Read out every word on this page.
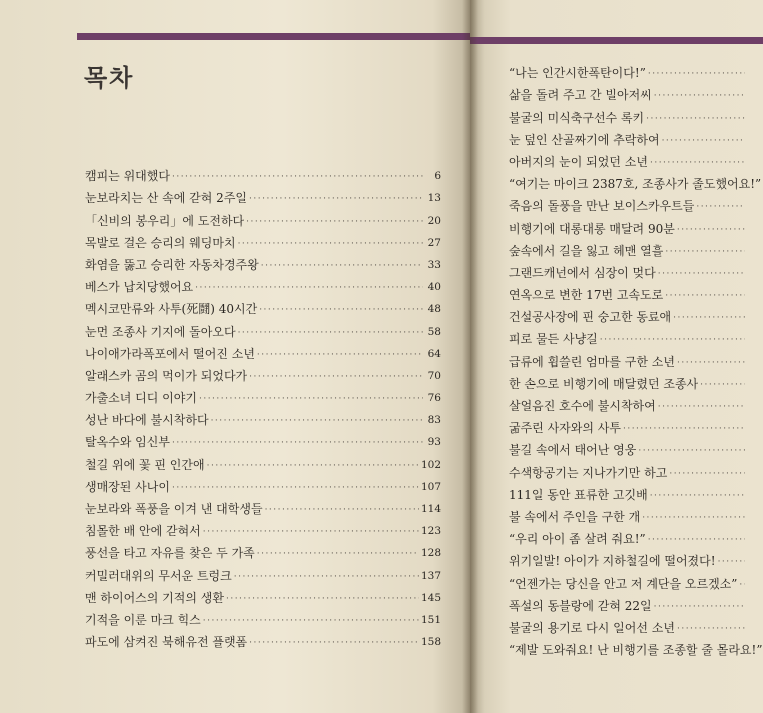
목차
캠피는 위대했다 ·····	6
눈보라치는 산 속에 갇혀 2주일 ·····	13
「신비의 봉우리」에 도전하다 ·····	20
목발로 걸은 승리의 웨딩마치 ·····	27
화염을 뚫고 승리한 자동차경주왕 ·····	33
베스가 납치당했어요 ·····	40
멕시코만류와 사투(死鬪) 40시간 ·····	48
눈먼 조종사 기지에 돌아오다 ·····	58
나이애가라폭포에서 떨어진 소년 ·····	64
알래스카 곰의 먹이가 되었다가 ·····	70
가출소녀 디디 이야기 ·····	76
성난 바다에 불시착하다 ·····	83
탈옥수와 임신부 ·····	93
철길 위에 꽃 핀 인간애 ·····	102
생매장된 사나이 ·····	107
눈보라와 폭풍을 이겨 낸 대학생들 ·····	114
침몰한 배 안에 갇혀서 ·····	123
풍선을 타고 자유를 찾은 두 가족 ·····	128
커밀러대위의 무서운 트렁크 ·····	137
맨 하이어스의 기적의 생환 ·····	145
기적을 이룬 마크 힉스 ·····	151
파도에 삼켜진 북해유전 플랫폼 ·····	158
“나는 인간시한폭탄이다!”
·····
삶을 돌려 주고 간 빌아저씨
·····
불굴의 미식축구선수 록키
·····
눈 덮인 산골짜기에 추락하여
·····
아버지의 눈이 되었던 소년
·····
“여기는 마이크 2387호, 조종사가 졸도했어요!”
죽음의 돌풍을 만난 보이스카우트들
·····
비행기에 대롱대롱 매달려 90분
·····
숲속에서 길을 잃고 헤맨 열흘
·····
그랜드캐넌에서 심장이 멎다
·····
연옥으로 변한 17번 고속도로
·····
건설공사장에 핀 숭고한 동료애
·····
피로 물든 사냥길
·····
급류에 휩쓸린 엄마를 구한 소년
·····
한 손으로 비행기에 매달렸던 조종사
·····
살얼음진 호수에 불시착하여
·····
굶주린 사자와의 사투
·····
불길 속에서 태어난 영웅
·····
수색항공기는 지나가기만 하고
·····
111일 동안 표류한 고깃배
·····
불 속에서 주인을 구한 개
·····
“우리 아이 좀 살려 줘요!”
·····
위기일발! 아이가 지하철길에 떨어졌다!
·····
“언젠가는 당신을 안고 저 계단을 오르겠소”
·····
폭설의 동블랑에 갇혀 22일
·····
불굴의 용기로 다시 일어선 소년
·····
“제발 도와줘요! 난 비행기를 조종할 줄 몰라요!”
